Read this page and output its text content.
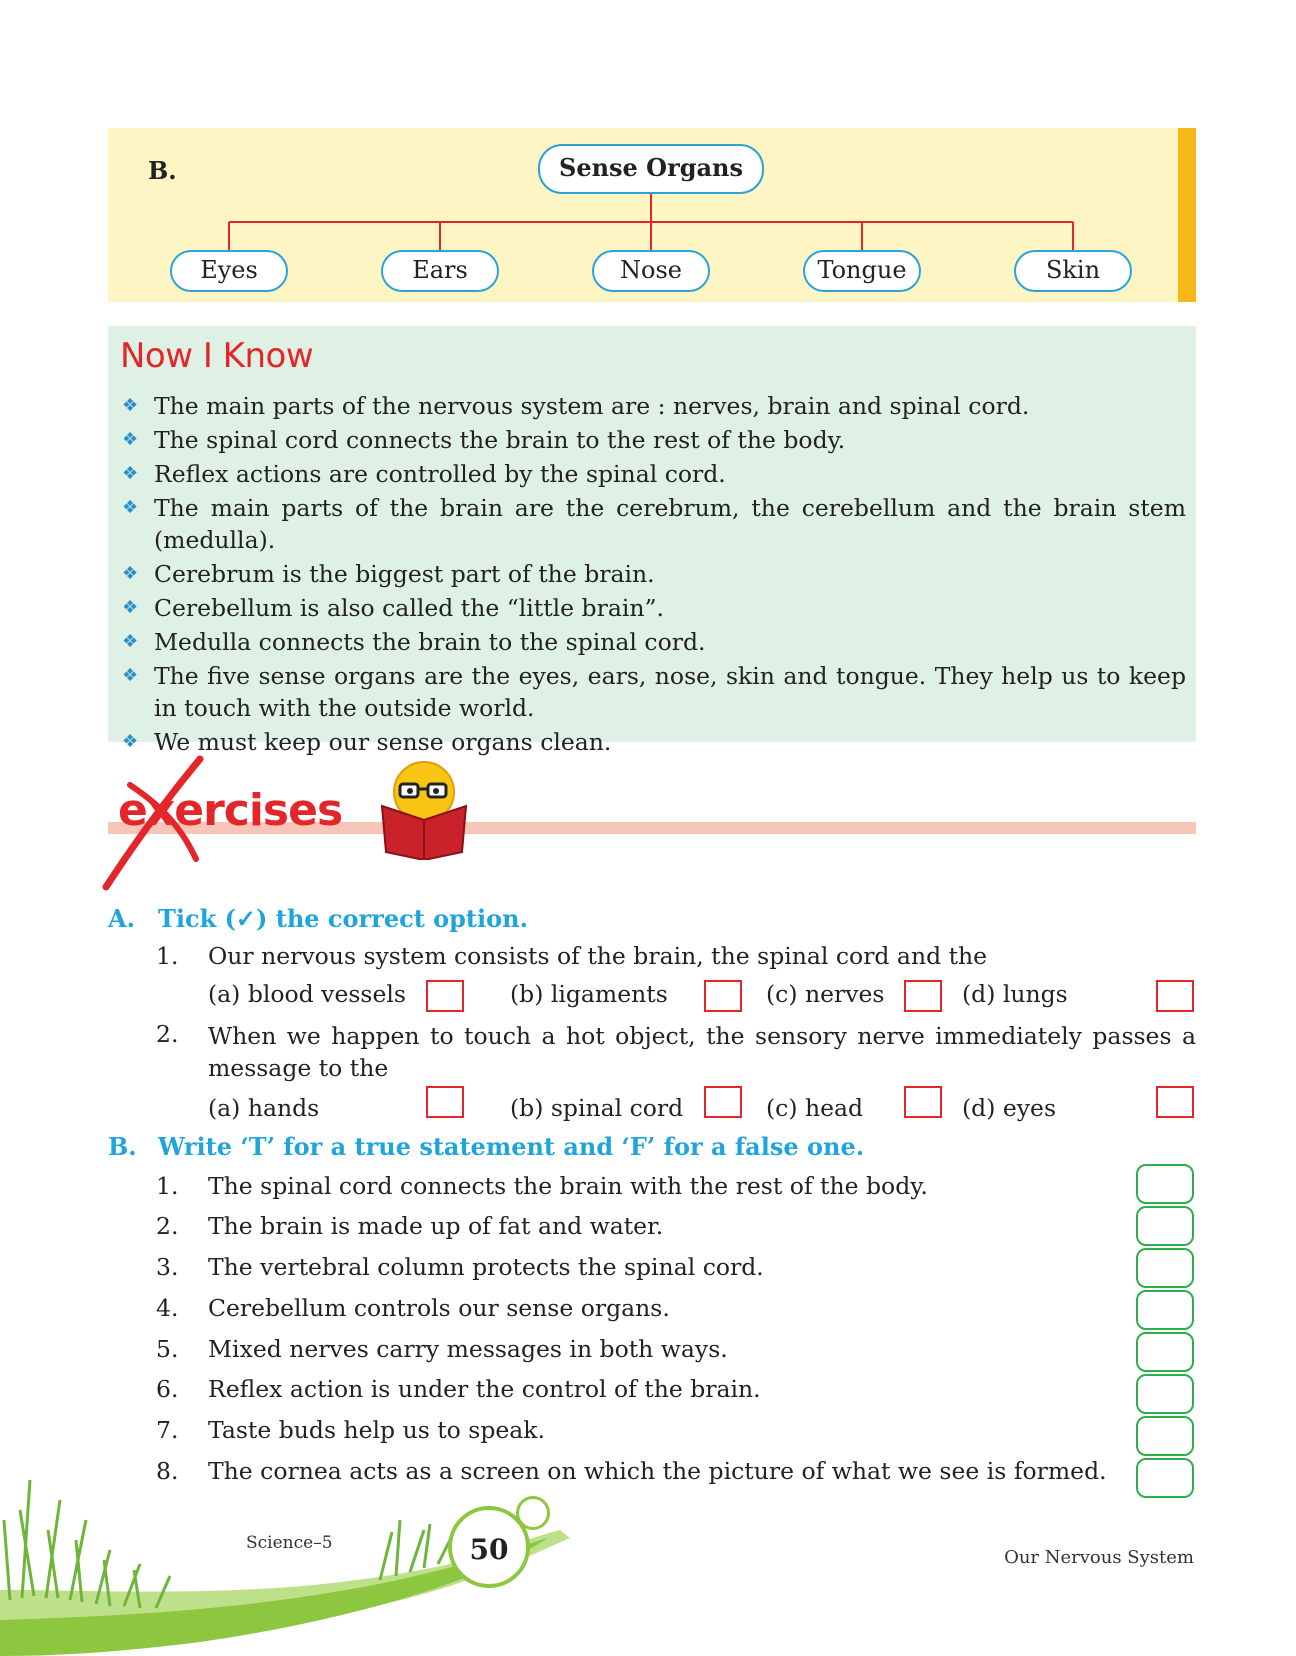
B.	Sense Organs
Eyes	Ears	Nose	Tongue	Skin
Now I Know
❖ The main parts of the nervous system are : nerves, brain and spinal cord.
❖ The spinal cord connects the brain to the rest of the body.
❖ Reflex actions are controlled by the spinal cord.
❖ The main parts of the brain are the cerebrum, the cerebellum and the brain stem (medulla).
❖ Cerebrum is the biggest part of the brain.
❖ Cerebellum is also called the “little brain”.
❖ Medulla connects the brain to the spinal cord.
❖ The five sense organs are the eyes, ears, nose, skin and tongue. They help us to keep in touch with the outside world.
❖ We must keep our sense organs clean.
exercises
A. Tick (✓) the correct option.
1.	Our nervous system consists of the brain, the spinal cord and the
(a) blood vessels	(b) ligaments	(c) nerves	(d) lungs
2.	When we happen to touch a hot object, the sensory nerve immediately passes a message to the
(a) hands	(b) spinal cord	(c) head	(d) eyes
B. Write ‘T’ for a true statement and ‘F’ for a false one.
1.	The spinal cord connects the brain with the rest of the body.
2.	The brain is made up of fat and water.
3.	The vertebral column protects the spinal cord.
4.	Cerebellum controls our sense organs.
5.	Mixed nerves carry messages in both ways.
6.	Reflex action is under the control of the brain.
7.	Taste buds help us to speak.
8.	The cornea acts as a screen on which the picture of what we see is formed.
Science–5	50	Our Nervous System
